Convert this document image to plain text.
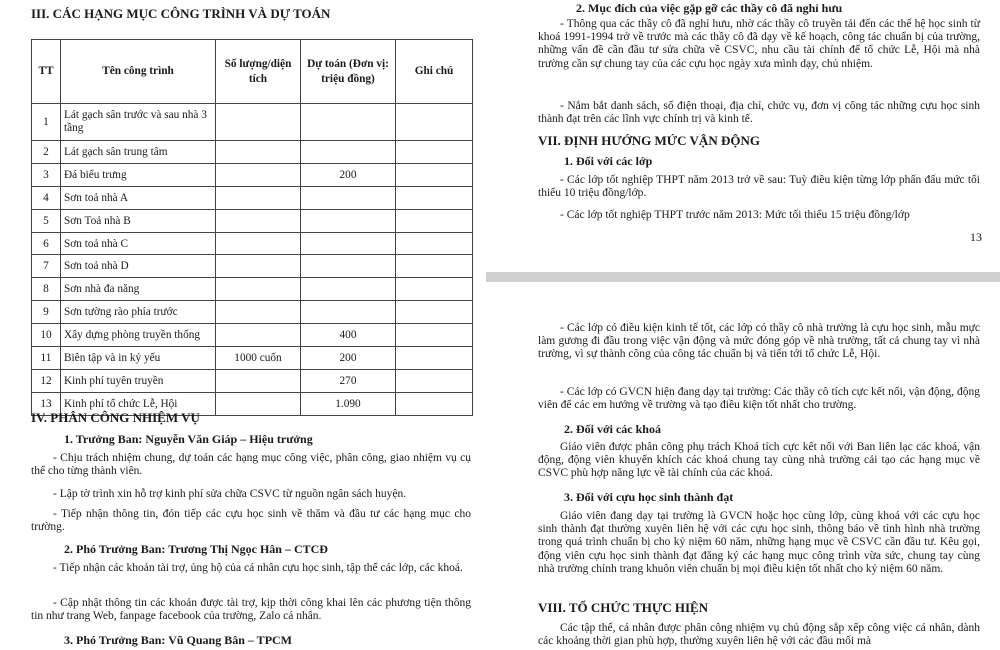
III. CÁC HẠNG MỤC CÔNG TRÌNH VÀ DỰ TOÁN
TT	Tên công trình	Số lượng/diện tích	Dự toán (Đơn vị: triệu đồng)	Ghi chú
1	Lát gạch sân trước và sau nhà 3 tầng			
2	Lát gạch sân trung tâm			
3	Đá biểu trưng		200	
4	Sơn toả nhà A			
5	Sơn Toả nhà B			
6	Sơn toả nhà C			
7	Sơn toả nhà D			
8	Sơn nhà đa năng			
9	Sơn tường rào phía trước			
10	Xây dựng phòng truyền thống		400	
11	Biên tập và in kỷ yếu	1000 cuốn	200	
12	Kinh phí tuyên truyền		270	
13	Kinh phí tổ chức Lễ, Hội		1.090	
IV. PHÂN CÔNG NHIỆM VỤ
1. Trưởng Ban: Nguyễn Văn Giáp – Hiệu trưởng
- Chịu trách nhiệm chung, dự toán các hạng mục công việc, phân công, giao nhiệm vụ cụ thể cho từng thành viên.
- Lập tờ trình xin hỗ trợ kinh phí sửa chữa CSVC từ nguồn ngân sách huyện.
- Tiếp nhận thông tin, đón tiếp các cựu học sinh về thăm và đầu tư các hạng mục cho trường.
2. Phó Trưởng Ban: Trương Thị Ngọc Hân – CTCĐ
- Tiếp nhận các khoản tài trợ, ủng hộ của cá nhân cựu học sinh, tập thể các lớp, các khoá.
- Cập nhật thông tin các khoản được tài trợ, kịp thời công khai lên các phương tiện thông tin như trang Web, fanpage facebook của trường, Zalo cá nhân.
3. Phó Trưởng Ban: Vũ Quang Bân – TPCM
2. Mục đích của việc gặp gỡ các thầy cô đã nghỉ hưu
- Thông qua các thầy cô đã nghỉ hưu, nhờ các thầy cô truyền tải đến các thế hệ học sinh từ khoá 1991-1994 trở về trước mà các thầy cô đã dạy về kế hoạch, công tác chuẩn bị của trường, những vấn đề cần đầu tư sửa chữa về CSVC, nhu cầu tài chính để tổ chức Lễ, Hội mà nhà trường cần sự chung tay của các cựu học ngày xưa mình dạy, chủ nhiệm.
- Nắm bắt danh sách, số điện thoại, địa chỉ, chức vụ, đơn vị công tác những cựu học sinh thành đạt trên các lĩnh vực chính trị và kinh tế.
VII. ĐỊNH HƯỚNG MỨC VẬN ĐỘNG
1. Đối với các lớp
- Các lớp tốt nghiệp THPT năm 2013 trở về sau: Tuỳ điều kiện từng lớp phấn đấu mức tối thiểu 10 triệu đồng/lớp.
- Các lớp tốt nghiệp THPT trước năm 2013: Mức tối thiểu 15 triệu đồng/lớp
13
- Các lớp có điều kiện kinh tế tốt, các lớp có thầy cô nhà trường là cựu học sinh, mẫu mực làm gương đi đầu trong việc vận động và mức đóng góp về nhà trường, tất cả chung tay vì nhà trường, vì sự thành công của công tác chuẩn bị và tiến tới tổ chức Lễ, Hội.
- Các lớp có GVCN hiện đang dạy tại trường: Các thầy cô tích cực kết nối, vận động, động viên để các em hướng về trường và tạo điều kiện tốt nhất cho trường.
2. Đối với các khoá
Giáo viên được phân công phụ trách Khoá tích cực kết nối với Ban liên lạc các khoá, vận động, động viên khuyến khích các khoá chung tay cùng nhà trường cải tạo các hạng mục về CSVC phù hợp năng lực về tài chính của các khoá.
3. Đối với cựu học sinh thành đạt
Giáo viên đang dạy tại trường là GVCN hoặc học cùng lớp, cùng khoá với các cựu học sinh thành đạt thường xuyên liên hệ với các cựu học sinh, thông báo về tình hình nhà trường trong quá trình chuẩn bị cho kỷ niệm 60 năm, những hạng mục về CSVC cần đầu tư. Kêu gọi, động viên cựu học sinh thành đạt đăng ký các hạng mục công trình vừa sức, chung tay cùng nhà trường chỉnh trang khuôn viên chuẩn bị mọi điều kiện tốt nhất cho kỷ niệm 60 năm.
VIII. TỔ CHỨC THỰC HIỆN
Các tập thể, cá nhân được phân công nhiệm vụ chủ động sắp xếp công việc cá nhân, dành các khoảng thời gian phù hợp, thường xuyên liên hệ với các đầu mối mà
